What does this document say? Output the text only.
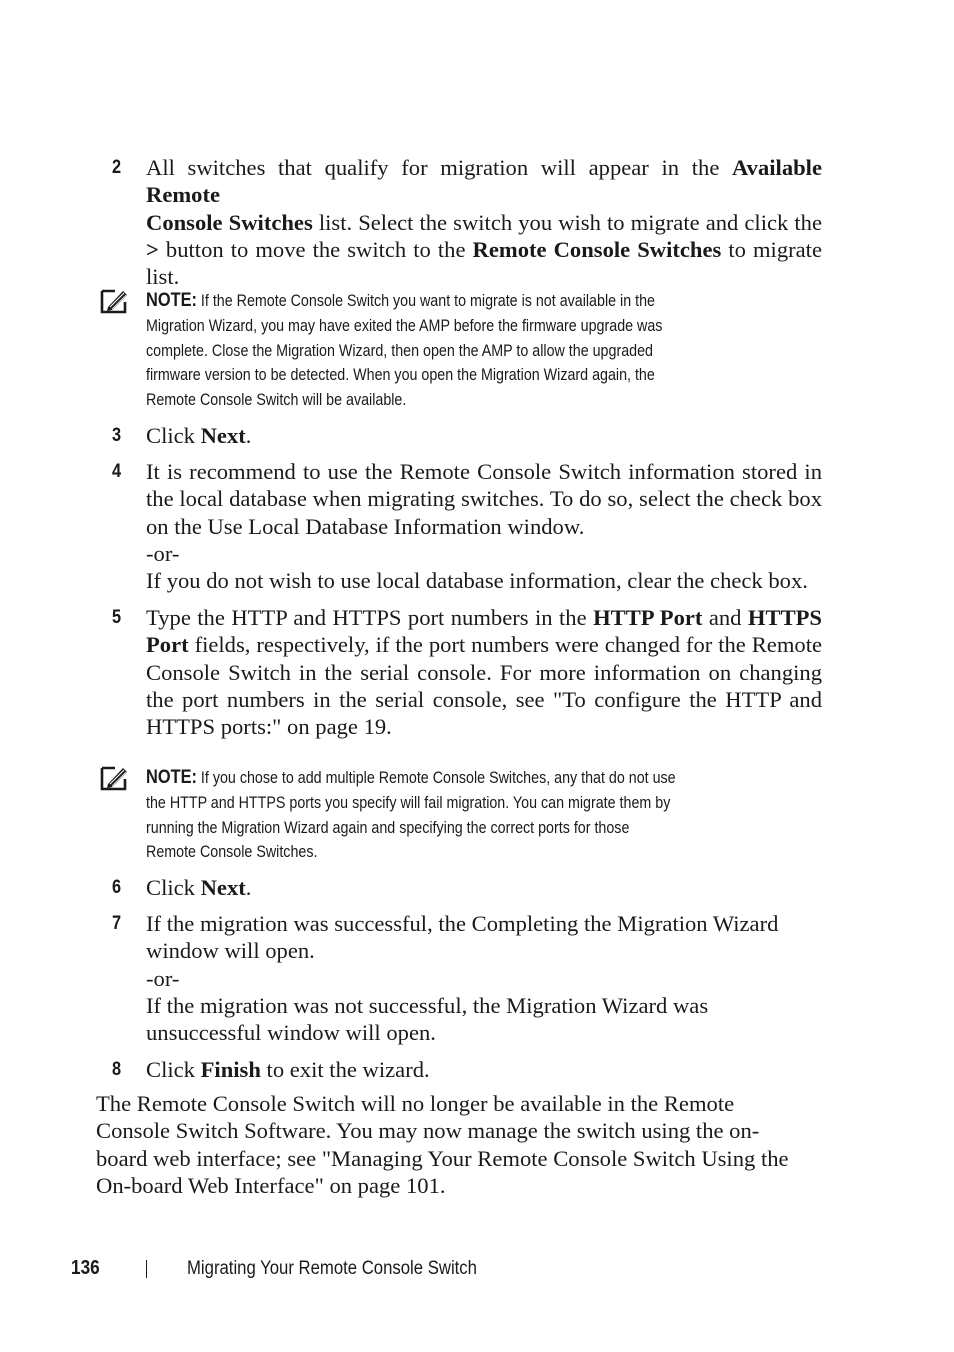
2 All switches that qualify for migration will appear in the Available Remote
Console Switches list. Select the switch you wish to migrate and click the
> button to move the switch to the Remote Console Switches to migrate
list.
NOTE: If the Remote Console Switch you want to migrate is not available in the
Migration Wizard, you may have exited the AMP before the firmware upgrade was
complete. Close the Migration Wizard, then open the AMP to allow the upgraded
firmware version to be detected. When you open the Migration Wizard again, the
Remote Console Switch will be available.
3 Click Next.
4 It is recommend to use the Remote Console Switch information stored in
the local database when migrating switches. To do so, select the check box
on the Use Local Database Information window.
-or-
If you do not wish to use local database information, clear the check box.
5 Type the HTTP and HTTPS port numbers in the HTTP Port and HTTPS
Port fields, respectively, if the port numbers were changed for the Remote
Console Switch in the serial console. For more information on changing
the port numbers in the serial console, see "To configure the HTTP and
HTTPS ports:" on page 19.
NOTE: If you chose to add multiple Remote Console Switches, any that do not use
the HTTP and HTTPS ports you specify will fail migration. You can migrate them by
running the Migration Wizard again and specifying the correct ports for those
Remote Console Switches.
6 Click Next.
7 If the migration was successful, the Completing the Migration Wizard
window will open.
-or-
If the migration was not successful, the Migration Wizard was
unsuccessful window will open.
8 Click Finish to exit the wizard.
The Remote Console Switch will no longer be available in the Remote
Console Switch Software. You may now manage the switch using the on-
board web interface; see "Managing Your Remote Console Switch Using the
On-board Web Interface" on page 101.
136	Migrating Your Remote Console Switch
